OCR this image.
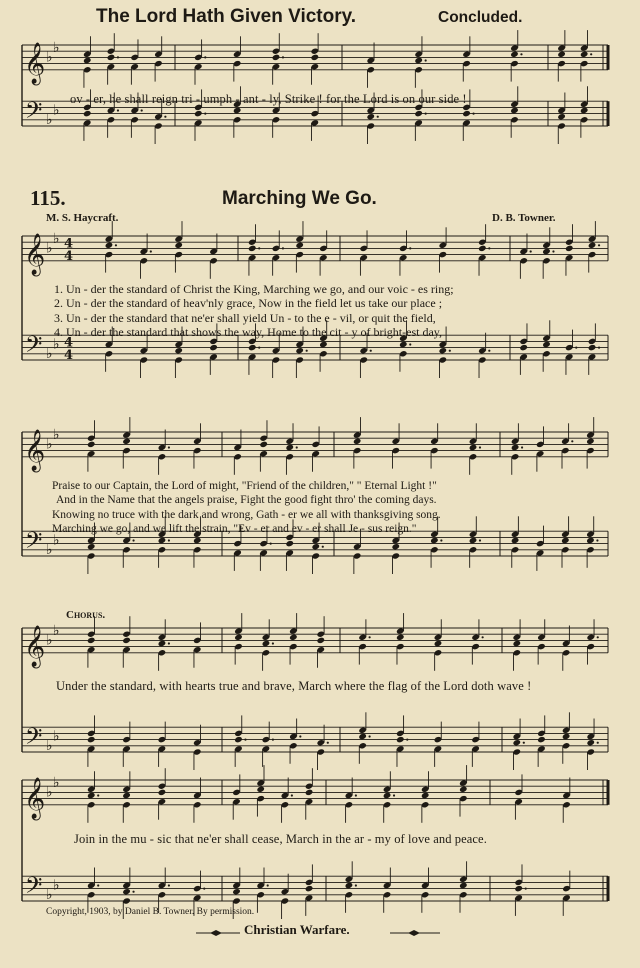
The Lord Hath Given Victory.	Concluded.
𝄞
𝄢
♭
♭
♭
♭
ov - er, he shall reign tri - umph - ant - ly, Strike ! for the Lord is on our side !
115.	Marching We Go.
M. S. Haycraft.	D. B. Towner.
𝄞
𝄢
♭
♭
♭
♭
4
4
4
4
1. Un - der the standard of Christ the King, Marching we go, and our voic - es ring;
2. Un - der the standard of heav'nly grace, Now in the field let us take our place ;
3. Un - der the standard that ne'er shall yield Un - to the e - vil, or quit the field,
4. Un - der the standard that shows the way, Home to the cit - y of bright-est day,
𝄞
𝄢
♭
♭
♭
♭
Praise to our Captain, the Lord of might, "Friend of the children," " Eternal Light !"
And in the Name that the angels praise, Fight the good fight thro' the coming days.
Knowing no truce with the dark and wrong, Gath - er we all with thanksgiving song.
Marching we go, and we lift the strain, "Ev - er and ev - er shall Je - sus reign."
Chorus.
𝄞
𝄢
♭
♭
♭
♭
Under the standard, with hearts true and brave, March where the flag of the Lord doth wave !
𝄞
𝄢
♭
♭
♭
♭
Join in the mu - sic that ne'er shall cease, March in the ar - my of love and peace.
Copyright, 1903, by Daniel B. Towner. By permission.
Christian Warfare.
